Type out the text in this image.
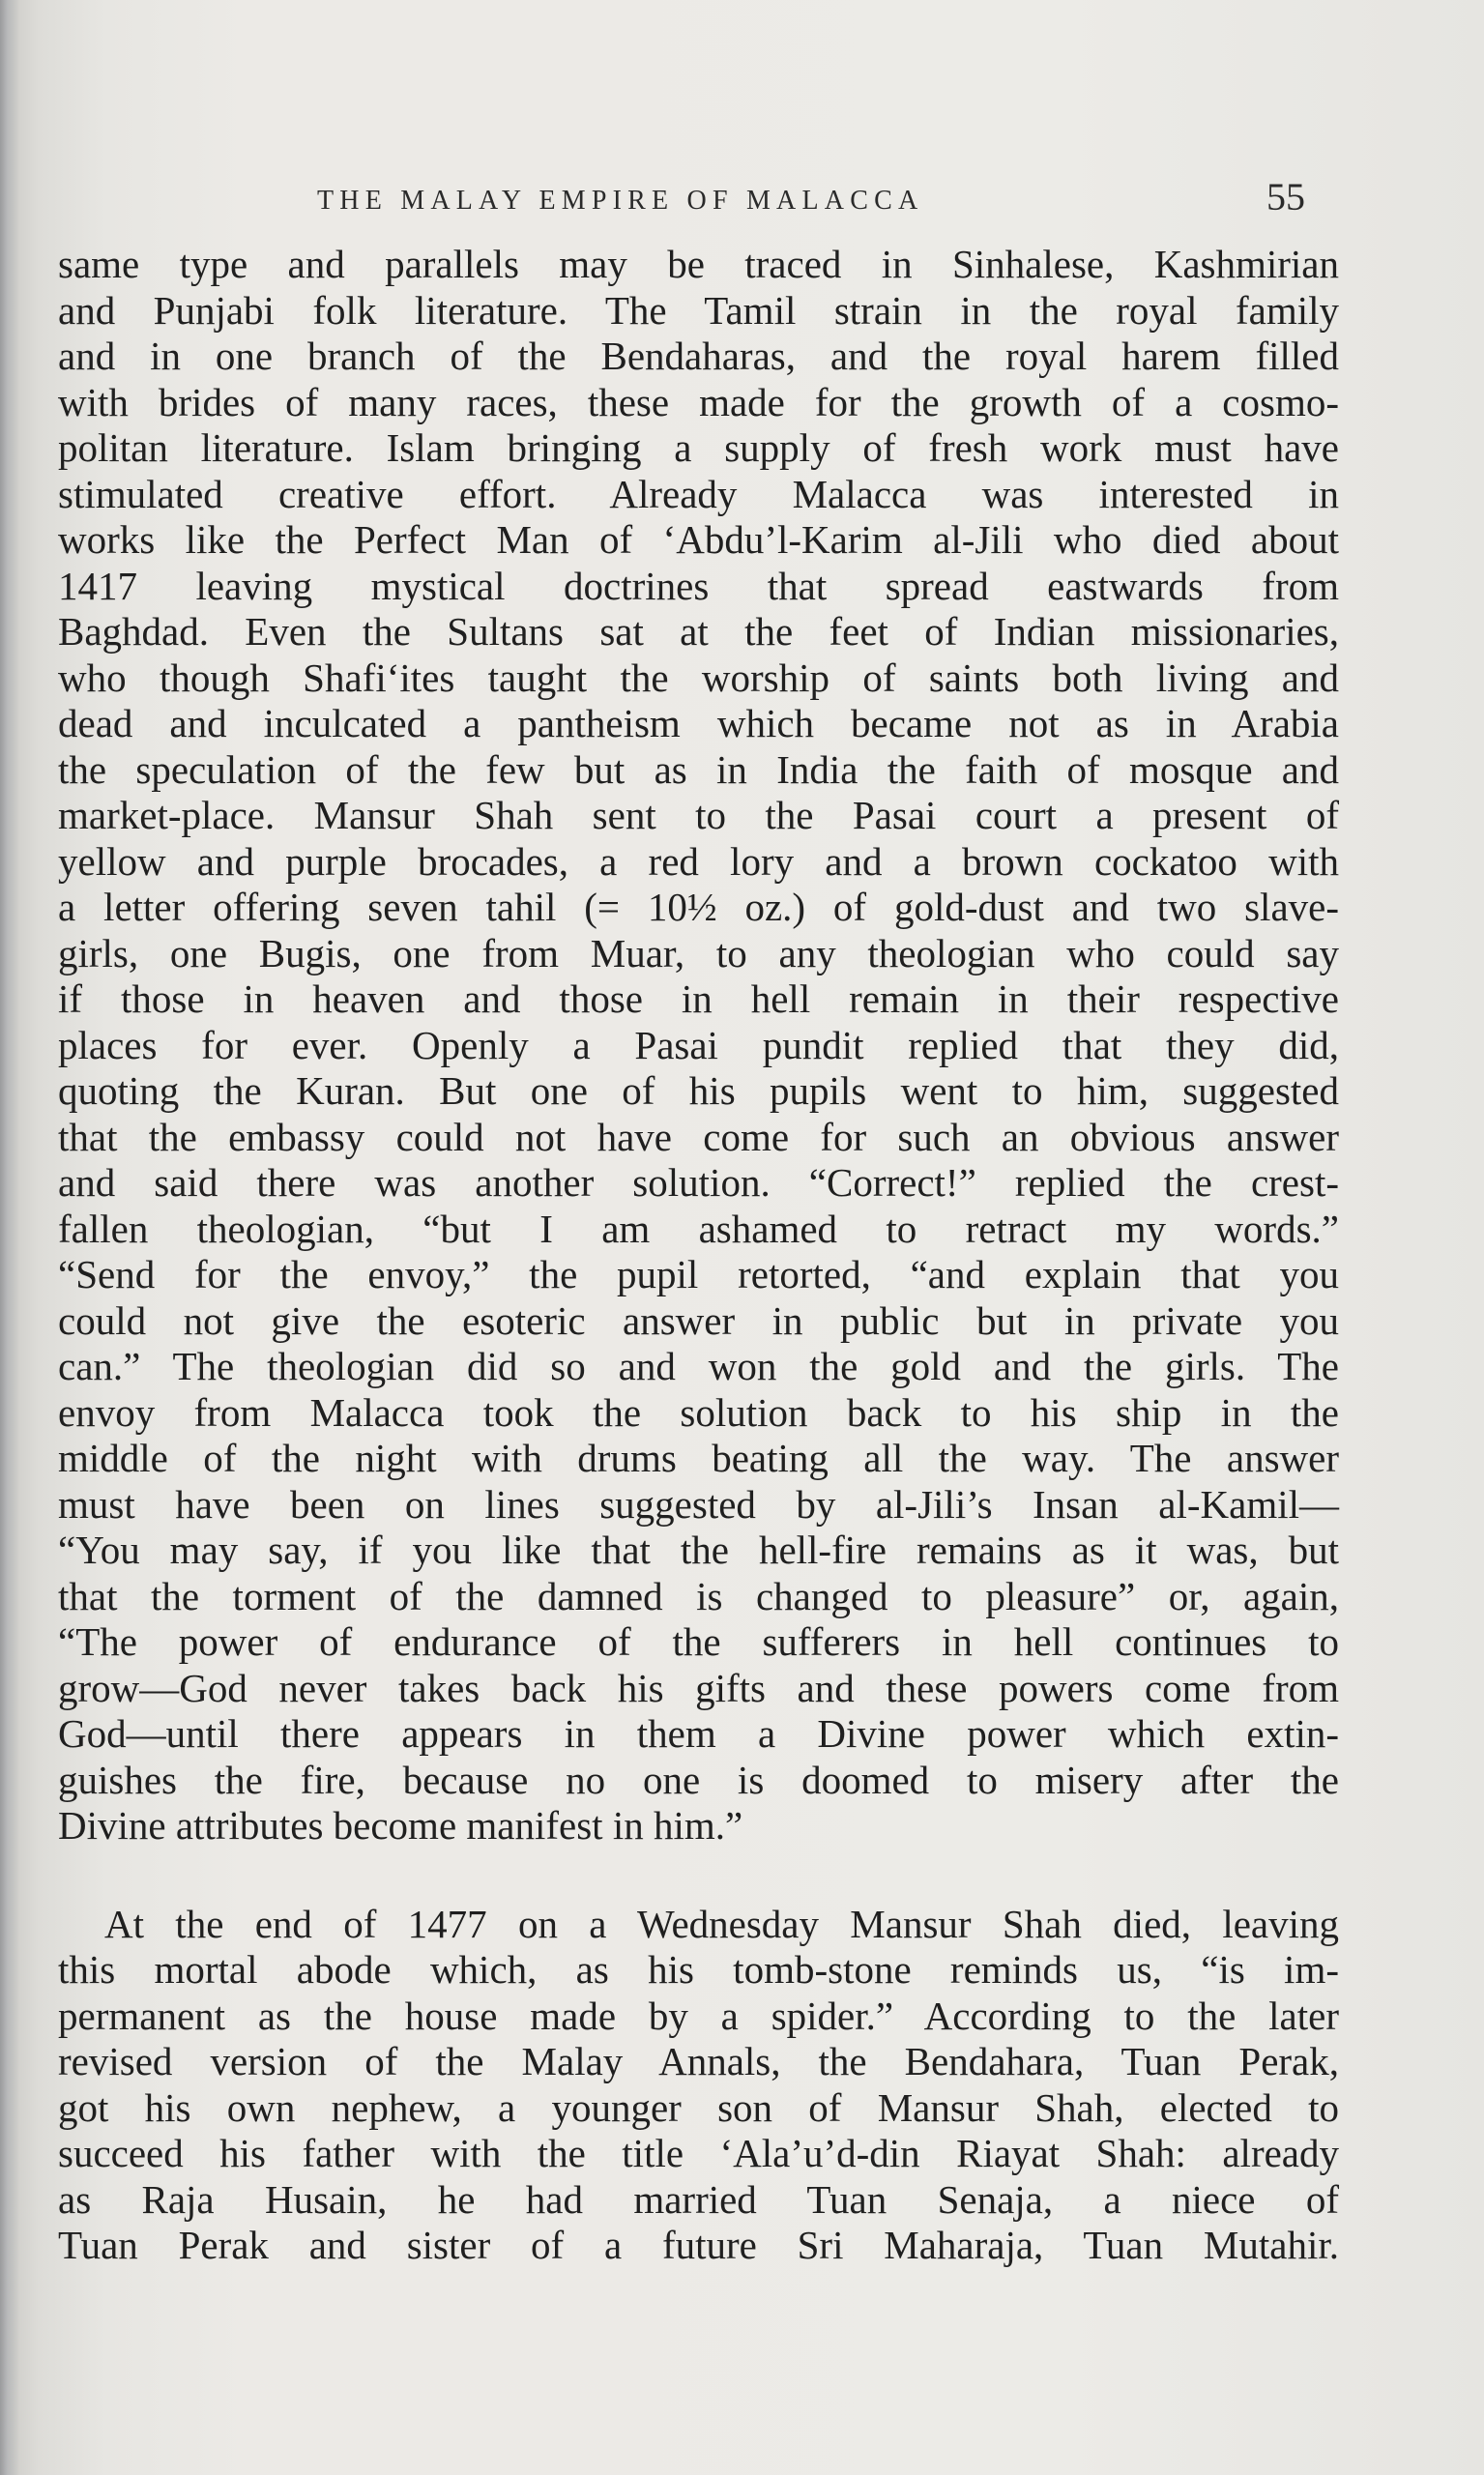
THE MALAY EMPIRE OF MALACCA	55
same type and parallels may be traced in Sinhalese, Kashmirian
and Punjabi folk literature. The Tamil strain in the royal family
and in one branch of the Bendaharas, and the royal harem filled
with brides of many races, these made for the growth of a cosmo-
politan literature. Islam bringing a supply of fresh work must have
stimulated creative effort. Already Malacca was interested in
works like the Perfect Man of ‘Abdu’l-Karim al-Jili who died about
1417 leaving mystical doctrines that spread eastwards from
Baghdad. Even the Sultans sat at the feet of Indian missionaries,
who though Shafi‘ites taught the worship of saints both living and
dead and inculcated a pantheism which became not as in Arabia
the speculation of the few but as in India the faith of mosque and
market-place. Mansur Shah sent to the Pasai court a present of
yellow and purple brocades, a red lory and a brown cockatoo with
a letter offering seven tahil (= 10½ oz.) of gold-dust and two slave-
girls, one Bugis, one from Muar, to any theologian who could say
if those in heaven and those in hell remain in their respective
places for ever. Openly a Pasai pundit replied that they did,
quoting the Kuran. But one of his pupils went to him, suggested
that the embassy could not have come for such an obvious answer
and said there was another solution. “Correct!” replied the crest-
fallen theologian, “but I am ashamed to retract my words.”
“Send for the envoy,” the pupil retorted, “and explain that you
could not give the esoteric answer in public but in private you
can.” The theologian did so and won the gold and the girls. The
envoy from Malacca took the solution back to his ship in the
middle of the night with drums beating all the way. The answer
must have been on lines suggested by al-Jili’s Insan al-Kamil—
“You may say, if you like that the hell-fire remains as it was, but
that the torment of the damned is changed to pleasure” or, again,
“The power of endurance of the sufferers in hell continues to
grow—God never takes back his gifts and these powers come from
God—until there appears in them a Divine power which extin-
guishes the fire, because no one is doomed to misery after the
Divine attributes become manifest in him.”
At the end of 1477 on a Wednesday Mansur Shah died, leaving
this mortal abode which, as his tomb-stone reminds us, “is im-
permanent as the house made by a spider.” According to the later
revised version of the Malay Annals, the Bendahara, Tuan Perak,
got his own nephew, a younger son of Mansur Shah, elected to
succeed his father with the title ‘Ala’u’d-din Riayat Shah: already
as Raja Husain, he had married Tuan Senaja, a niece of
Tuan Perak and sister of a future Sri Maharaja, Tuan Mutahir.
